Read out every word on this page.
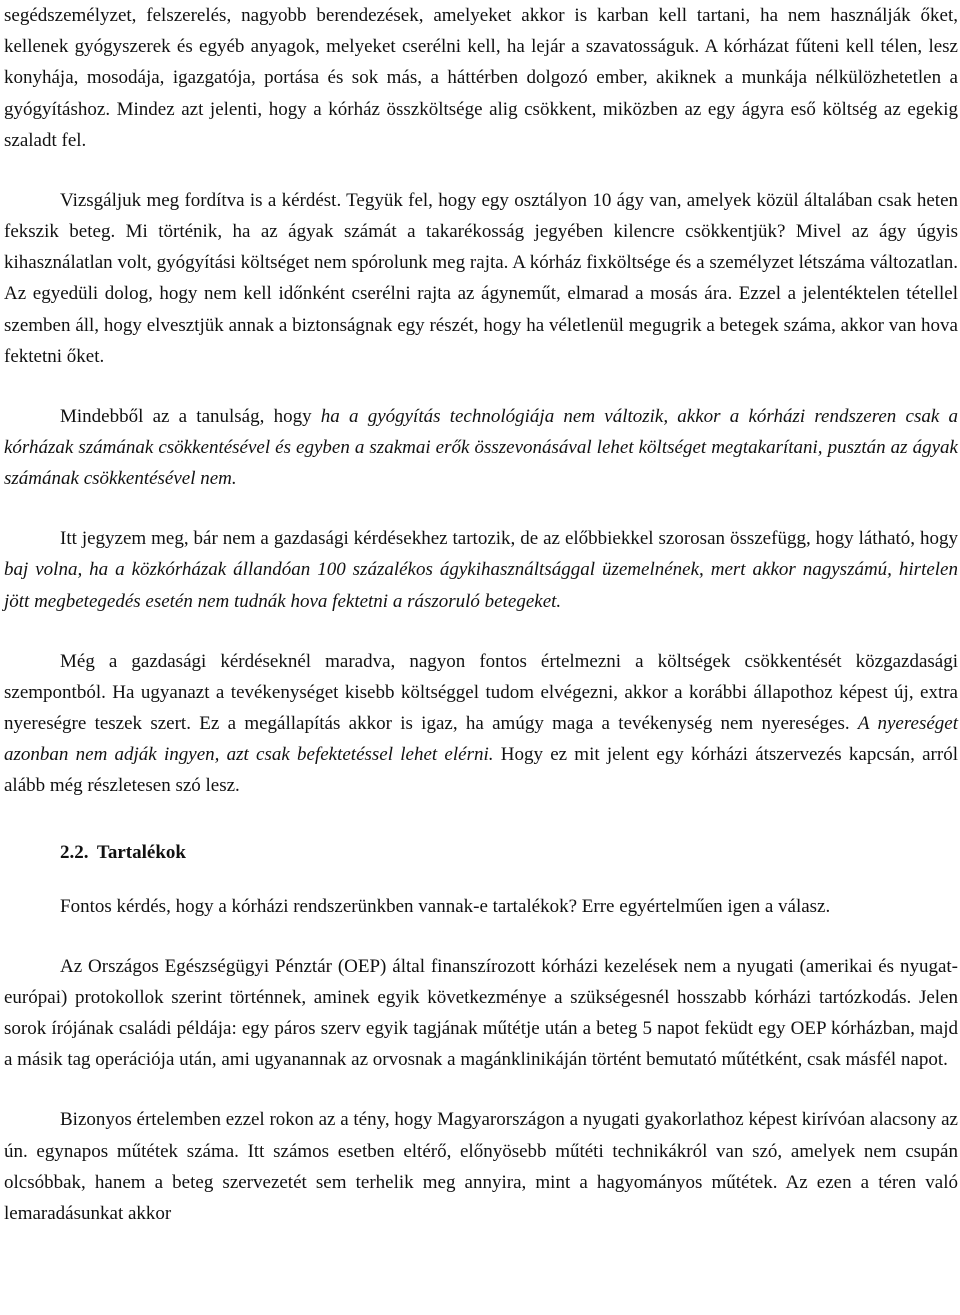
segédszemélyzet, felszerelés, nagyobb berendezések, amelyeket akkor is karban kell tartani, ha nem használják őket, kellenek gyógyszerek és egyéb anyagok, melyeket cserélni kell, ha lejár a szavatosságuk. A kórházat fűteni kell télen, lesz konyhája, mosodája, igazgatója, portása és sok más, a háttérben dolgozó ember, akiknek a munkája nélkülözhetetlen a gyógyításhoz. Mindez azt jelenti, hogy a kórház összköltsége alig csökkent, miközben az egy ágyra eső költség az egekig szaladt fel.

Vizsgáljuk meg fordítva is a kérdést. Tegyük fel, hogy egy osztályon 10 ágy van, amelyek közül általában csak heten fekszik beteg. Mi történik, ha az ágyak számát a takarékosság jegyében kilencre csökkentjük? Mivel az ágy úgyis kihasználatlan volt, gyógyítási költséget nem spórolunk meg rajta. A kórház fixköltsége és a személyzet létszáma változatlan. Az egyedüli dolog, hogy nem kell időnként cserélni rajta az ágyneműt, elmarad a mosás ára. Ezzel a jelentéktelen tétellel szemben áll, hogy elvesztjük annak a biztonságnak egy részét, hogy ha véletlenül megugrik a betegek száma, akkor van hova fektetni őket.

Mindebből az a tanulság, hogy ha a gyógyítás technológiája nem változik, akkor a kórházi rendszeren csak a kórházak számának csökkentésével és egyben a szakmai erők összevonásával lehet költséget megtakarítani, pusztán az ágyak számának csökkentésével nem.

Itt jegyzem meg, bár nem a gazdasági kérdésekhez tartozik, de az előbbiekkel szorosan összefügg, hogy látható, hogy baj volna, ha a közkórházak állandóan 100 százalékos ágykihasználtsággal üzemelnének, mert akkor nagyszámú, hirtelen jött megbetegedés esetén nem tudnák hova fektetni a rászoruló betegeket.

Még a gazdasági kérdéseknél maradva, nagyon fontos értelmezni a költségek csökkentését közgazdasági szempontból. Ha ugyanazt a tevékenységet kisebb költséggel tudom elvégezni, akkor a korábbi állapothoz képest új, extra nyereségre teszek szert. Ez a megállapítás akkor is igaz, ha amúgy maga a tevékenység nem nyereséges. A nyereséget azonban nem adják ingyen, azt csak befektetéssel lehet elérni. Hogy ez mit jelent egy kórházi átszervezés kapcsán, arról alább még részletesen szó lesz.

2.2. Tartalékok

Fontos kérdés, hogy a kórházi rendszerünkben vannak-e tartalékok? Erre egyértelműen igen a válasz.

Az Országos Egészségügyi Pénztár (OEP) által finanszírozott kórházi kezelések nem a nyugati (amerikai és nyugat-európai) protokollok szerint történnek, aminek egyik következménye a szükségesnél hosszabb kórházi tartózkodás. Jelen sorok írójának családi példája: egy páros szerv egyik tagjának műtétje után a beteg 5 napot feküdt egy OEP kórházban, majd a másik tag operációja után, ami ugyanannak az orvosnak a magánklinikáján történt bemutató műtétként, csak másfél napot.

Bizonyos értelemben ezzel rokon az a tény, hogy Magyarországon a nyugati gyakorlathoz képest kirívóan alacsony az ún. egynapos műtétek száma. Itt számos esetben eltérő, előnyösebb műtéti technikákról van szó, amelyek nem csupán olcsóbbak, hanem a beteg szervezetét sem terhelik meg annyira, mint a hagyományos műtétek. Az ezen a téren való lemaradásunkat akkor
